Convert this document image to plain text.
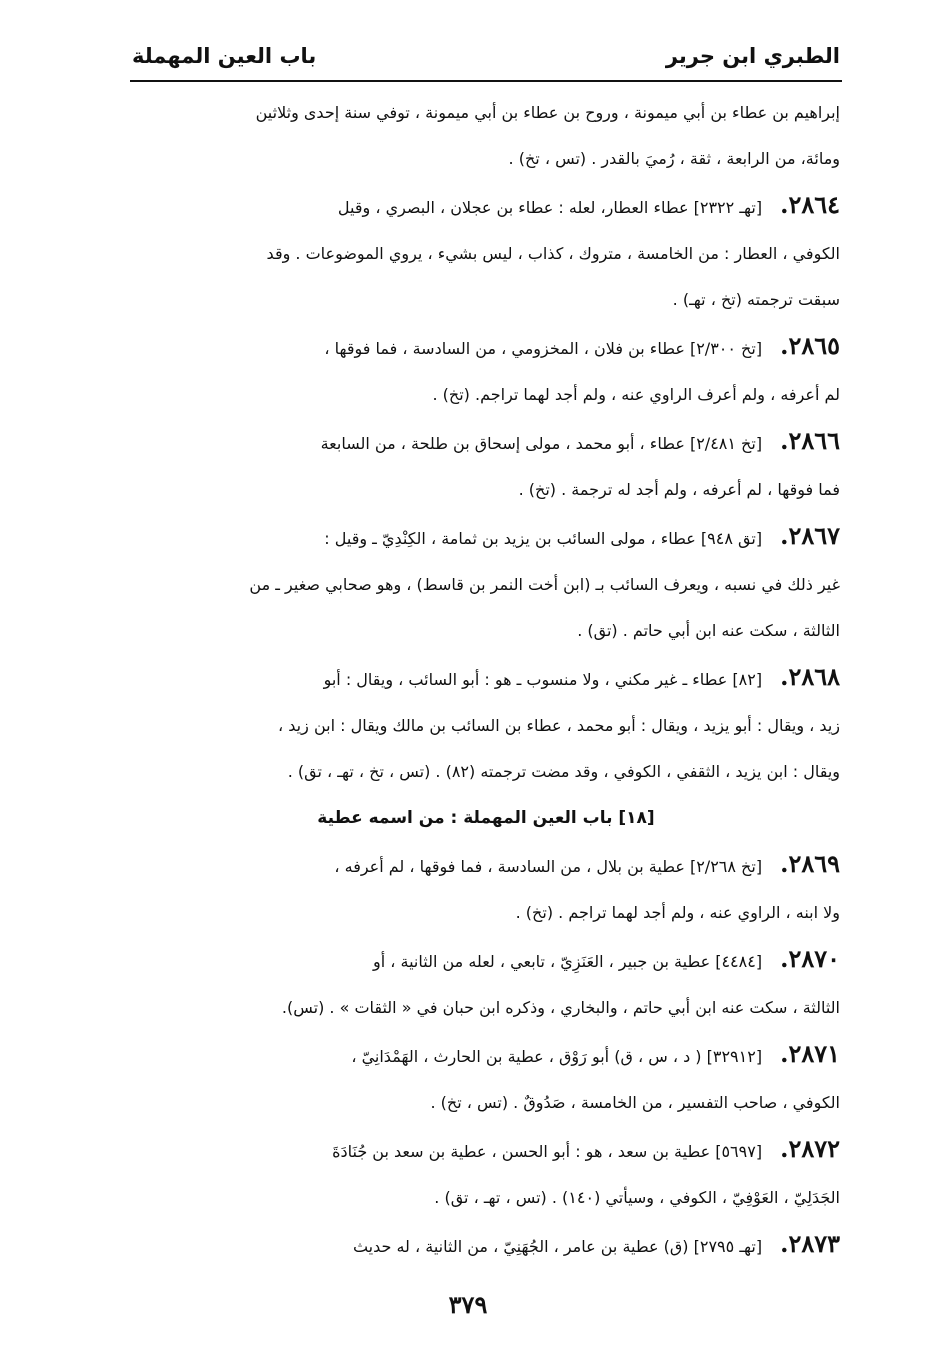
الطبري ابن جرير
باب العين المهملة

إبراهيم بن عطاء بن أبي ميمونة ، وروح بن عطاء بن أبي ميمونة ، توفي سنة إحدى وثلاثين

ومائة، من الرابعة ، ثقة ، رُميَ بالقدر . (تس ، تخ) .

٢٨٦٤.[تهـ ٢٣٢٢] عطاء العطار، لعله : عطاء بن عجلان ، البصري ، وقيل

الكوفي ، العطار : من الخامسة ، متروك ، كذاب ، ليس بشيء ، يروي الموضوعات . وقد

سبقت ترجمته (تخ ، تهـ) .

٢٨٦٥.[تخ ٢/٣٠٠] عطاء بن فلان ، المخزومي ، من السادسة ، فما فوقها ،

لم أعرفه ، ولم أعرف الراوي عنه ، ولم أجد لهما تراجم. (تخ) .

٢٨٦٦.[تخ ٢/٤٨١] عطاء ، أبو محمد ، مولى إسحاق بن طلحة ، من السابعة

فما فوقها ، لم أعرفه ، ولم أجد له ترجمة . (تخ) .

٢٨٦٧.[تق ٩٤٨] عطاء ، مولى السائب بن يزيد بن ثمامة ، الكِنْدِيّ ـ وقيل :

غير ذلك في نسبه ، ويعرف السائب بـ (ابن أخت النمر بن قاسط) ، وهو صحابي صغير ـ من

الثالثة ، سكت عنه ابن أبي حاتم . (تق) .

٢٨٦٨.[٨٢] عطاء ـ غير مكني ، ولا منسوب ـ هو : أبو السائب ، ويقال : أبو

زيد ، ويقال : أبو يزيد ، ويقال : أبو محمد ، عطاء بن السائب بن مالك ويقال : ابن زيد ،

ويقال : ابن يزيد ، الثقفي ، الكوفي ، وقد مضت ترجمته (٨٢) . (تس ، تخ ، تهـ ، تق) .

[١٨] باب العين المهملة : من اسمه عطية

٢٨٦٩.[تخ ٢/٢٦٨] عطية بن بلال ، من السادسة ، فما فوقها ، لم أعرفه ،

ولا ابنه ، الراوي عنه ، ولم أجد لهما تراجم . (تخ) .

٢٨٧٠.[٤٤٨٤] عطية بن جبير ، العَنَزِيّ ، تابعي ، لعله من الثانية ، أو

الثالثة ، سكت عنه ابن أبي حاتم ، والبخاري ، وذكره ابن حبان في « الثقات » . (تس).

٢٨٧١.[٣٢٩١٢] ( د ، س ، ق) أبو رَوْق ، عطية بن الحارث ، الهَمْدَانِيّ ،

الكوفي ، صاحب التفسير ، من الخامسة ، صَدُوقٌ . (تس ، تخ) .

٢٨٧٢.[٥٦٩٧] عطية بن سعد ، هو : أبو الحسن ، عطية بن سعد بن جُنَادَةَ

الجَدَلِيّ ، العَوْفِيّ ، الكوفي ، وسيأتي (١٤٠) . (تس ، تهـ ، تق) .

٢٨٧٣.[تهـ ٢٧٩٥] (ق) عطية بن عامر ، الجُهَنِيّ ، من الثانية ، له حديث

٣٧٩
